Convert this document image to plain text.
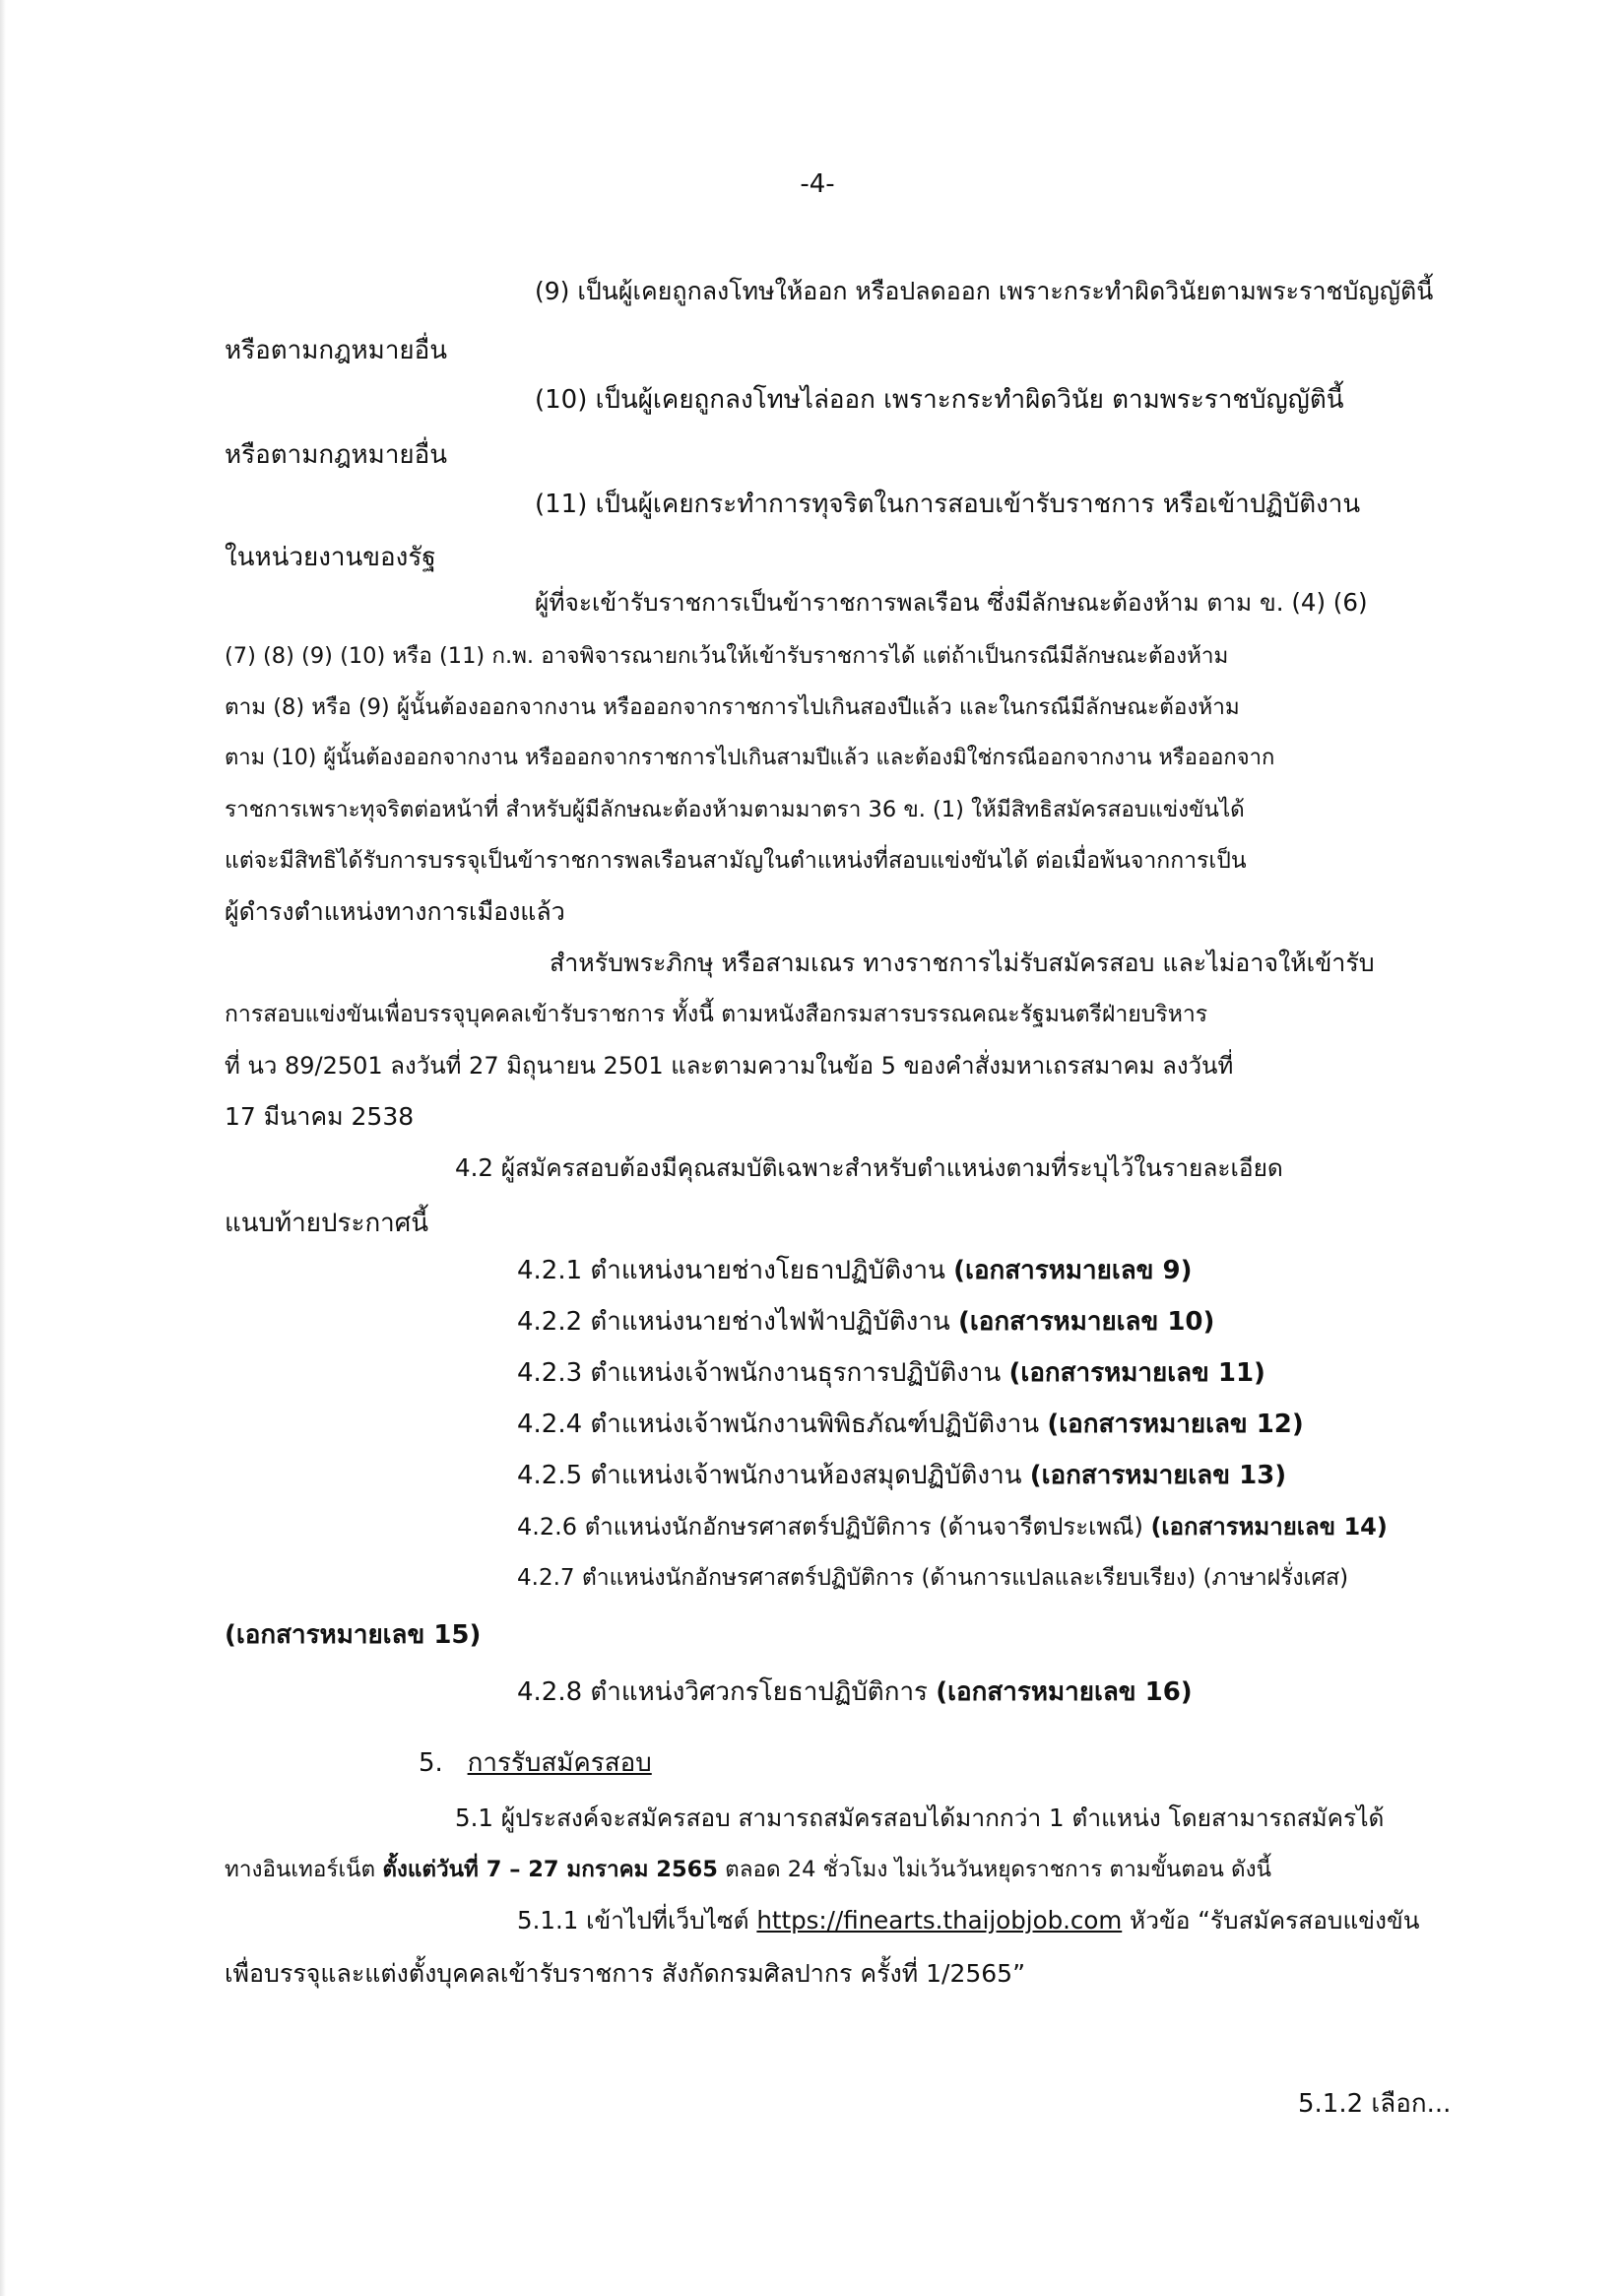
-4-
(9) เป็นผู้เคยถูกลงโทษให้ออก หรือปลดออก เพราะกระทำผิดวินัยตามพระราชบัญญัตินี้
หรือตามกฎหมายอื่น
(10) เป็นผู้เคยถูกลงโทษไล่ออก เพราะกระทำผิดวินัย ตามพระราชบัญญัตินี้
หรือตามกฎหมายอื่น
(11) เป็นผู้เคยกระทำการทุจริตในการสอบเข้ารับราชการ หรือเข้าปฏิบัติงาน
ในหน่วยงานของรัฐ
ผู้ที่จะเข้ารับราชการเป็นข้าราชการพลเรือน ซึ่งมีลักษณะต้องห้าม ตาม ข. (4) (6)
(7) (8) (9) (10) หรือ (11) ก.พ. อาจพิจารณายกเว้นให้เข้ารับราชการได้ แต่ถ้าเป็นกรณีมีลักษณะต้องห้าม
ตาม (8) หรือ (9) ผู้นั้นต้องออกจากงาน หรือออกจากราชการไปเกินสองปีแล้ว และในกรณีมีลักษณะต้องห้าม
ตาม (10) ผู้นั้นต้องออกจากงาน หรือออกจากราชการไปเกินสามปีแล้ว และต้องมิใช่กรณีออกจากงาน หรือออกจาก
ราชการเพราะทุจริตต่อหน้าที่ สำหรับผู้มีลักษณะต้องห้ามตามมาตรา 36 ข. (1) ให้มีสิทธิสมัครสอบแข่งขันได้
แต่จะมีสิทธิได้รับการบรรจุเป็นข้าราชการพลเรือนสามัญในตำแหน่งที่สอบแข่งขันได้ ต่อเมื่อพ้นจากการเป็น
ผู้ดำรงตำแหน่งทางการเมืองแล้ว
สำหรับพระภิกษุ หรือสามเณร ทางราชการไม่รับสมัครสอบ และไม่อาจให้เข้ารับ
การสอบแข่งขันเพื่อบรรจุบุคคลเข้ารับราชการ ทั้งนี้ ตามหนังสือกรมสารบรรณคณะรัฐมนตรีฝ่ายบริหาร
ที่ นว 89/2501 ลงวันที่ 27 มิถุนายน 2501 และตามความในข้อ 5 ของคำสั่งมหาเถรสมาคม ลงวันที่
17 มีนาคม 2538
4.2 ผู้สมัครสอบต้องมีคุณสมบัติเฉพาะสำหรับตำแหน่งตามที่ระบุไว้ในรายละเอียด
แนบท้ายประกาศนี้
4.2.1 ตำแหน่งนายช่างโยธาปฏิบัติงาน (เอกสารหมายเลข 9)
4.2.2 ตำแหน่งนายช่างไฟฟ้าปฏิบัติงาน (เอกสารหมายเลข 10)
4.2.3 ตำแหน่งเจ้าพนักงานธุรการปฏิบัติงาน (เอกสารหมายเลข 11)
4.2.4 ตำแหน่งเจ้าพนักงานพิพิธภัณฑ์ปฏิบัติงาน (เอกสารหมายเลข 12)
4.2.5 ตำแหน่งเจ้าพนักงานห้องสมุดปฏิบัติงาน (เอกสารหมายเลข 13)
4.2.6 ตำแหน่งนักอักษรศาสตร์ปฏิบัติการ (ด้านจารีตประเพณี) (เอกสารหมายเลข 14)
4.2.7 ตำแหน่งนักอักษรศาสตร์ปฏิบัติการ (ด้านการแปลและเรียบเรียง) (ภาษาฝรั่งเศส)
(เอกสารหมายเลข 15)
4.2.8 ตำแหน่งวิศวกรโยธาปฏิบัติการ (เอกสารหมายเลข 16)
5. การรับสมัครสอบ
5.1 ผู้ประสงค์จะสมัครสอบ สามารถสมัครสอบได้มากกว่า 1 ตำแหน่ง โดยสามารถสมัครได้
ทางอินเทอร์เน็ต ตั้งแต่วันที่ 7 – 27 มกราคม 2565 ตลอด 24 ชั่วโมง ไม่เว้นวันหยุดราชการ ตามขั้นตอน ดังนี้
5.1.1 เข้าไปที่เว็บไซต์ https://finearts.thaijobjob.com หัวข้อ “รับสมัครสอบแข่งขัน
เพื่อบรรจุและแต่งตั้งบุคคลเข้ารับราชการ สังกัดกรมศิลปากร ครั้งที่ 1/2565”
5.1.2 เลือก...
